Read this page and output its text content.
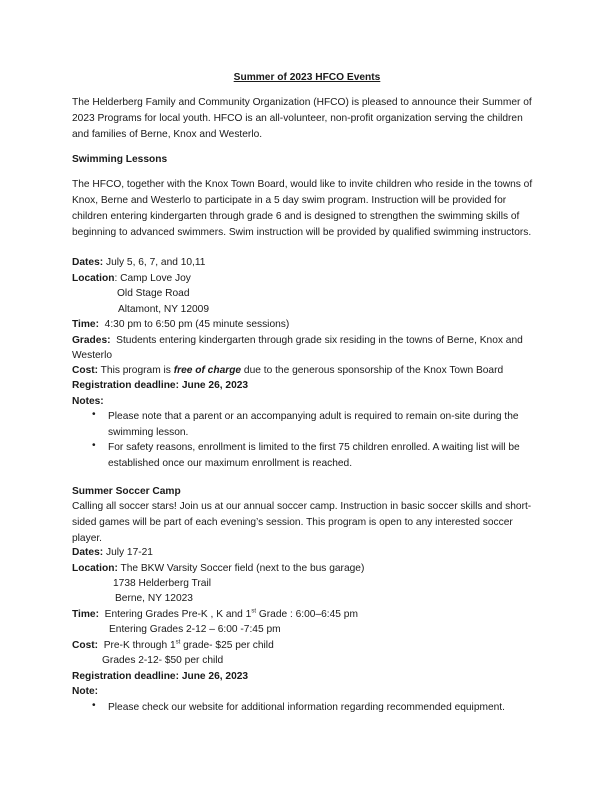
Summer of 2023 HFCO Events
The Helderberg Family and Community Organization (HFCO) is pleased to announce their Summer of 2023 Programs for local youth. HFCO is an all-volunteer, non-profit organization serving the children and families of Berne, Knox and Westerlo.
Swimming Lessons
The HFCO, together with the Knox Town Board, would like to invite children who reside in the towns of Knox, Berne and Westerlo to participate in a 5 day swim program. Instruction will be provided for children entering kindergarten through grade 6 and is designed to strengthen the swimming skills of beginning to advanced swimmers. Swim instruction will be provided by qualified swimming instructors.
Dates: July 5, 6, 7, and 10,11
Location: Camp Love Joy
Old Stage Road
Altamont, NY 12009
Time:  4:30 pm to 6:50 pm (45 minute sessions)
Grades:  Students entering kindergarten through grade six residing in the towns of Berne, Knox and
Westerlo
Cost: This program is free of charge due to the generous sponsorship of the Knox Town Board
Registration deadline: June 26, 2023
Notes:
•	Please note that a parent or an accompanying adult is required to remain on-site during the swimming lesson.
•	For safety reasons, enrollment is limited to the first 75 children enrolled. A waiting list will be established once our maximum enrollment is reached.
Summer Soccer Camp
Calling all soccer stars! Join us at our annual soccer camp. Instruction in basic soccer skills and short-sided games will be part of each evening’s session. This program is open to any interested soccer player.
Dates: July 17-21
Location: The BKW Varsity Soccer field (next to the bus garage)
1738 Helderberg Trail
Berne, NY 12023
Time:  Entering Grades Pre-K , K and 1st Grade : 6:00–6:45 pm
Entering Grades 2-12 – 6:00 -7:45 pm
Cost:  Pre-K through 1st grade- $25 per child
Grades 2-12- $50 per child
Registration deadline: June 26, 2023
Note:
•	Please check our website for additional information regarding recommended equipment.
